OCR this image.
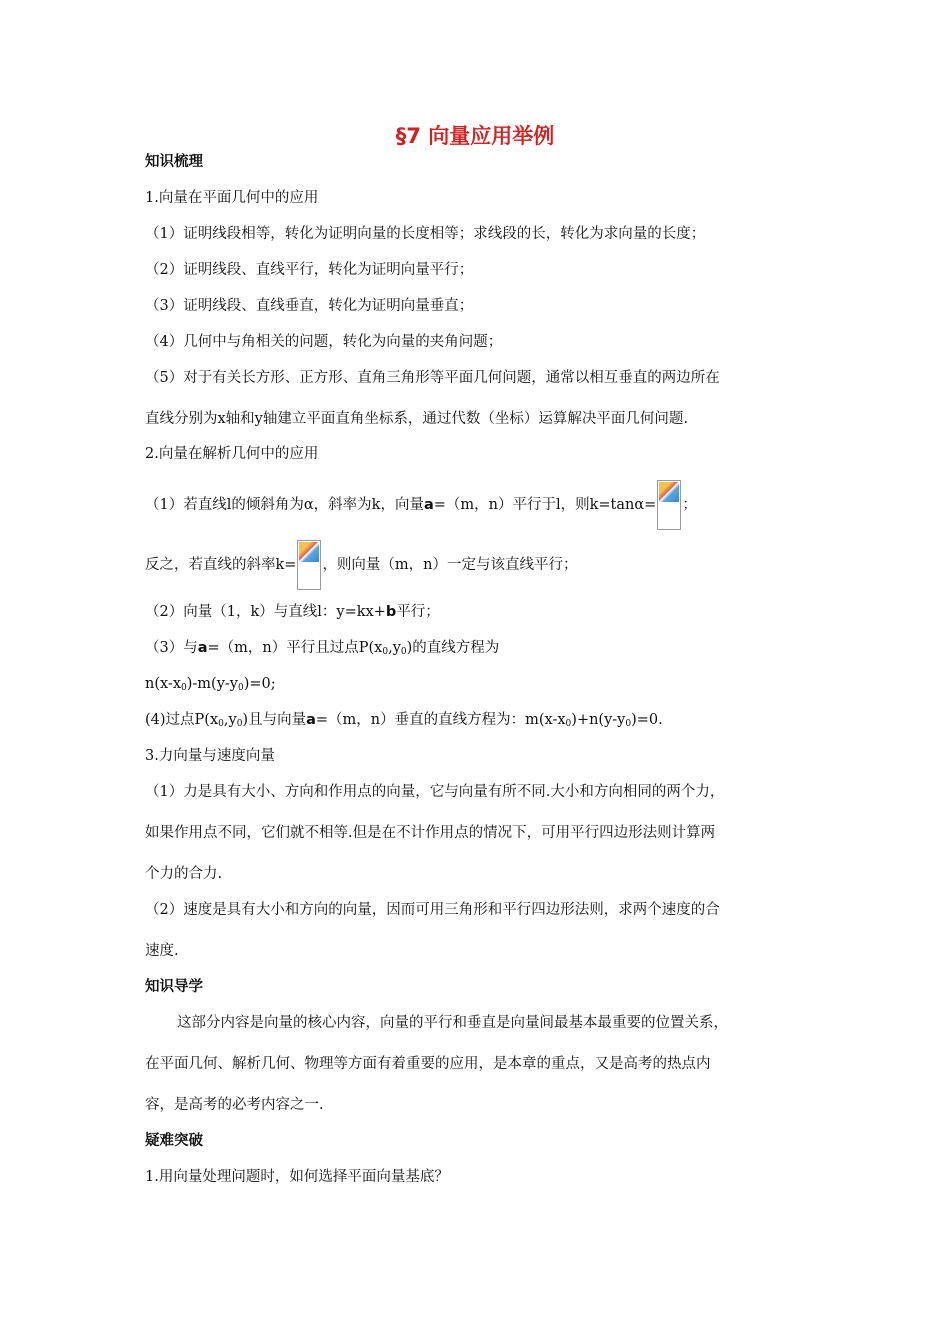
§7 向量应用举例
知识梳理
1.向量在平面几何中的应用
（1）证明线段相等，转化为证明向量的长度相等；求线段的长，转化为求向量的长度；
（2）证明线段、直线平行，转化为证明向量平行；
（3）证明线段、直线垂直，转化为证明向量垂直；
（4）几何中与角相关的问题，转化为向量的夹角问题；
（5）对于有关长方形、正方形、直角三角形等平面几何问题，通常以相互垂直的两边所在
直线分别为x轴和y轴建立平面直角坐标系，通过代数（坐标）运算解决平面几何问题.
2.向量在解析几何中的应用
（1）若直线l的倾斜角为α，斜率为k，向量a=（m，n）平行于l，则k=tanα= ；
反之，若直线的斜率k= ，则向量（m，n）一定与该直线平行；
（2）向量（1，k）与直线l：y=kx+b平行；
（3）与a=（m，n）平行且过点$P(x_0,y_0)$的直线方程为
$n(x-x_0)-m(y-y_0)=0$;
(4)过点$P(x_0,y_0)$且与向量a=（m，n）垂直的直线方程为：$m(x-x_0)+n(y-y_0)=0$.
3.力向量与速度向量
（1）力是具有大小、方向和作用点的向量，它与向量有所不同.大小和方向相同的两个力，
如果作用点不同，它们就不相等.但是在不计作用点的情况下，可用平行四边形法则计算两
个力的合力.
（2）速度是具有大小和方向的向量，因而可用三角形和平行四边形法则，求两个速度的合
速度.
知识导学
这部分内容是向量的核心内容，向量的平行和垂直是向量间最基本最重要的位置关系，
在平面几何、解析几何、物理等方面有着重要的应用，是本章的重点，又是高考的热点内
容，是高考的必考内容之一.
疑难突破
1.用向量处理问题时，如何选择平面向量基底？
